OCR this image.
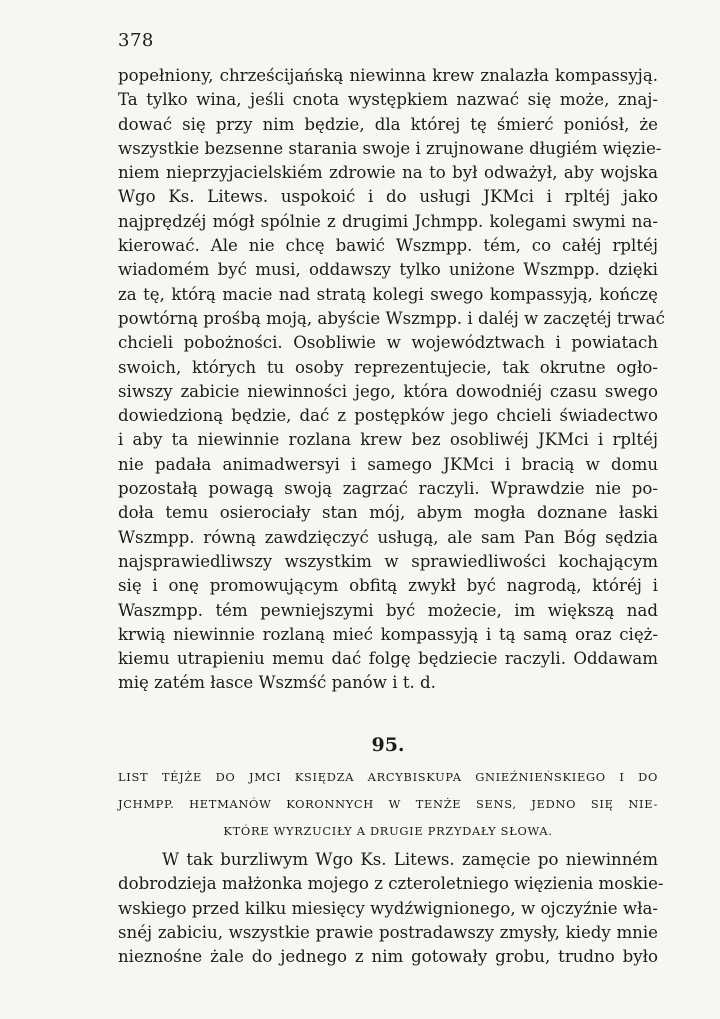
378
popełniony, chrześcijańską niewinna krew znalazła kompassyją.
Ta tylko wina, jeśli cnota występkiem nazwać się może, znaj-
dować się przy nim będzie, dla której tę śmierć poniósł, że
wszystkie bezsenne starania swoje i zrujnowane długiém więzie-
niem nieprzyjacielskiém zdrowie na to był odważył, aby wojska
Wgo Ks. Litews. uspokoić i do usługi JKMci i rpltéj jako
najprędzéj mógł spólnie z drugimi Jchmpp. kolegami swymi na-
kierować. Ale nie chcę bawić Wszmpp. tém, co całéj rpltéj
wiadomém być musi, oddawszy tylko uniżone Wszmpp. dzięki
za tę, którą macie nad stratą kolegi swego kompassyją, kończę
powtórną prośbą moją, abyście Wszmpp. i daléj w zaczętéj trwać
chcieli pobożności. Osobliwie w województwach i powiatach
swoich, których tu osoby reprezentujecie, tak okrutne ogło-
siwszy zabicie niewinności jego, która dowodniéj czasu swego
dowiedzioną będzie, dać z postępków jego chcieli świadectwo
i aby ta niewinnie rozlana krew bez osobliwéj JKMci i rpltéj
nie padała animadwersyi i samego JKMci i bracią w domu
pozostałą powagą swoją zagrzać raczyli. Wprawdzie nie po-
doła temu osierociały stan mój, abym mogła doznane łaski
Wszmpp. równą zawdzięczyć usługą, ale sam Pan Bóg sędzia
najsprawiedliwszy wszystkim w sprawiedliwości kochającym
się i onę promowującym obfitą zwykł być nagrodą, któréj i
Waszmpp. tém pewniejszymi być możecie, im większą nad
krwią niewinnie rozlaną mieć kompassyją i tą samą oraz cięż-
kiemu utrapieniu memu dać folgę będziecie raczyli. Oddawam
mię zatém łasce Wszmść panów i t. d.
95.
LIST TÉJŻE DO JMCI KSIĘDZA ARCYBISKUPA GNIEŹNIEŃSKIEGO I DO
JCHMPP. HETMANÓW KORONNYCH W TENŻE SENS, JEDNO SIĘ NIE-
KTÓRE WYRZUCIŁY A DRUGIE PRZYDAŁY SŁOWA.
W tak burzliwym Wgo Ks. Litews. zamęcie po niewinném
dobrodzieja małżonka mojego z czteroletniego więzienia moskie-
wskiego przed kilku miesięcy wydźwignionego, w ojczyźnie wła-
snéj zabiciu, wszystkie prawie postradawszy zmysły, kiedy mnie
nieznośne żale do jednego z nim gotowały grobu, trudno było
